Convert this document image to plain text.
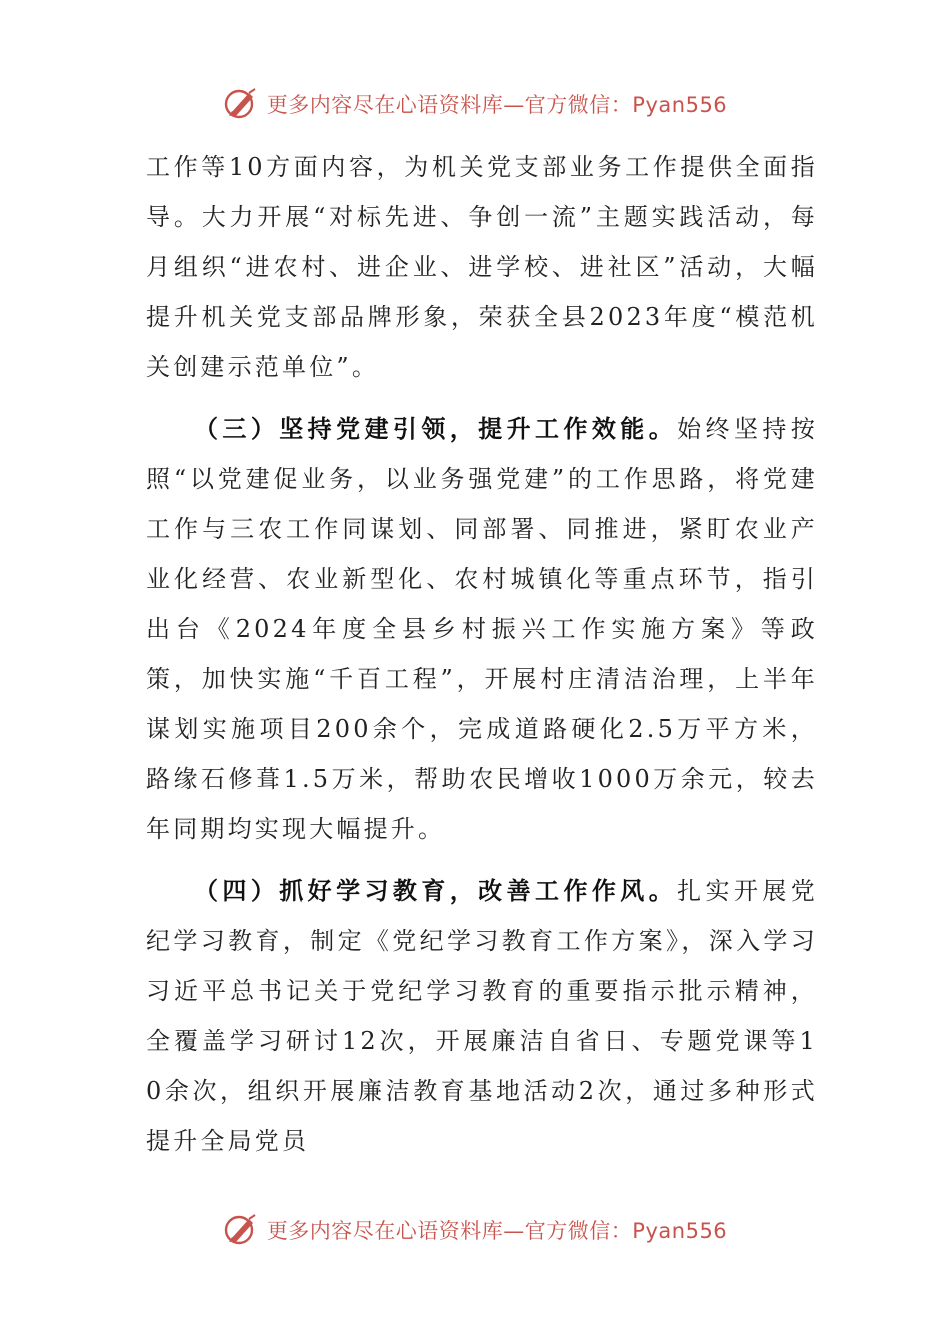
更多内容尽在心语资料库—官方微信：Pyan556

工作等10方面内容，为机关党支部业务工作提供全面指导。大力开展“对标先进、争创一流”主题实践活动，每月组织“进农村、进企业、进学校、进社区”活动，大幅提升机关党支部品牌形象，荣获全县2023年度“模范机关创建示范单位”。

（三）坚持党建引领，提升工作效能。始终坚持按照“以党建促业务，以业务强党建”的工作思路，将党建工作与三农工作同谋划、同部署、同推进，紧盯农业产业化经营、农业新型化、农村城镇化等重点环节，指引出台《2024年度全县乡村振兴工作实施方案》等政策，加快实施“千百工程”，开展村庄清洁治理，上半年谋划实施项目200余个，完成道路硬化2.5万平方米，路缘石修葺1.5万米，帮助农民增收1000万余元，较去年同期均实现大幅提升。

（四）抓好学习教育，改善工作作风。扎实开展党纪学习教育，制定《党纪学习教育工作方案》，深入学习习近平总书记关于党纪学习教育的重要指示批示精神，全覆盖学习研讨12次，开展廉洁自省日、专题党课等10余次，组织开展廉洁教育基地活动2次，通过多种形式提升全局党员

更多内容尽在心语资料库—官方微信：Pyan556
